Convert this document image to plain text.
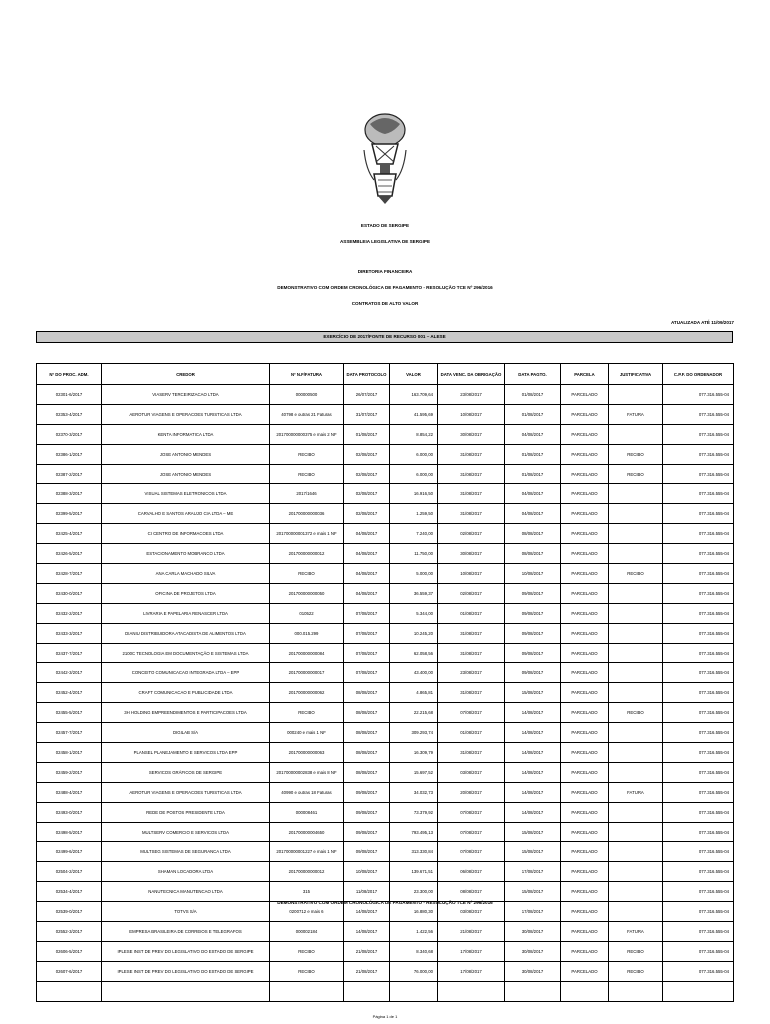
ESTADO DE SERGIPE
ASSEMBLEIA LEGISLATIVA DE SERGIPE
DIRETORIA FINANCEIRA
DEMONSTRATIVO COM ORDEM CRONOLÓGICA DE PAGAMENTO - RESOLUÇÃO TCE Nº 296/2016
CONTRATOS DE ALTO VALOR
ATUALIZADA ATÉ 11/09/2017
EXERCÍCIO DE 2017/FONTE DE RECURSO 001 – ALESE
Nº DO PROC. ADM.	CREDOR	Nº N.F/FATURA	DATA PROTOCOLO	VALOR	DATA VENC. DA OBRIGAÇÃO	DATA PAGTO.	PARCELA	JUSTIFICATIVA	C.P.F. DO ORDENADOR
02301-6/2017	VIASERV TERCEIRIZACAO LTDA	000000500	26/07/2017	163.709,64	23/08/2017	01/08/2017	PARCELADO		077.316.555-04
02353-4/2017	AEROTUR VIAGENS E OPERACOES TURISTICAS LTDA	40798 e outras 21 Faturas	31/07/2017	41.595,69	10/08/2017	01/08/2017	PARCELADO	FATURA	077.316.555-04
02370-3/2017	KENTA INFORMATICA LTDA	201700000000375 e mais 2 NF	01/08/2017	8.854,22	30/08/2017	04/08/2017	PARCELADO		077.316.555-04
02386-1/2017	JOSE ANTONIO MENDES	RECIBO	02/08/2017	6.000,00	31/08/2017	01/08/2017	PARCELADO	RECIBO	077.316.555-04
02387-2/2017	JOSE ANTONIO MENDES	RECIBO	02/08/2017	6.000,00	31/08/2017	01/08/2017	PARCELADO	RECIBO	077.316.555-04
02388-3/2017	VISUAL SISTEMAS ELETRONICOS LTDA	2017/1646	02/08/2017	16.916,50	31/08/2017	04/08/2017	PARCELADO		077.316.555-04
02399-5/2017	CARVALHO E SANTOS ARAUJO CIA LTDA – ME	201700000000036	02/08/2017	1.259,50	31/08/2017	04/08/2017	PARCELADO		077.316.555-04
02425-4/2017	CI CENTRO DE INFORMACOES LTDA	201700000001372 e mais 1 NF	04/08/2017	7.240,00	02/08/2017	08/08/2017	PARCELADO		077.316.555-04
02426-5/2017	ESTACIONAMENTO MOBRANCO LTDA	201700000000012	04/08/2017	11.750,00	30/08/2017	08/08/2017	PARCELADO		077.316.555-04
02428-7/2017	ANA CARLA MACHADO SILVA	RECIBO	04/08/2017	5.000,00	10/08/2017	10/08/2017	PARCELADO	RECIBO	077.316.555-04
02430-0/2017	OFICINA DE PROJETOS LTDA	201700000000050	04/08/2017	36.559,37	02/08/2017	09/08/2017	PARCELADO		077.316.555-04
02432-2/2017	LIVRARIA E PAPELARIA RENASCER LTDA	010522	07/08/2017	5.344,00	01/08/2017	09/08/2017	PARCELADO		077.316.555-04
02433-3/2017	DIANIU DISTRIBUIDORA ATACADISTA DE ALIMENTOS LTDA	000.015.299	07/08/2017	10.245,20	31/08/2017	09/08/2017	PARCELADO		077.316.555-04
02437-7/2017	2100C TECNOLOGIA EM DOCUMENTAÇÃO E SISTEMAS LTDA	201700000000084	07/08/2017	62.058,56	31/08/2017	09/08/2017	PARCELADO		077.316.555-04
02442-3/2017	CONCEITO COMUNICACAO INTEGRADA LTDA – EPP	201700000000017	07/08/2017	43.400,00	23/08/2017	09/08/2017	PARCELADO		077.316.555-04
02452-4/2017	CRAFT COMUNICACAO E PUBLICIDADE LTDA	201700000000062	08/08/2017	4.865,81	31/08/2017	15/08/2017	PARCELADO		077.316.555-04
02455-5/2017	3H HOLDING EMPREENDIMENTOS E PARTICIPACOES LTDA	RECIBO	08/08/2017	22.215,68	07/08/2017	14/08/2017	PARCELADO	RECIBO	077.316.555-04
02457-7/2017	DIGILAB S/A	000240 e mais 1 NF	08/08/2017	309.293,74	01/08/2017	14/08/2017	PARCELADO		077.316.555-04
02458-1/2017	PLANSEL PLANEJAMENTO E SERVICOS LTDA EPP	201700000000063	08/08/2017	16.309,79	31/08/2017	14/08/2017	PARCELADO		077.316.555-04
02459-2/2017	SERVICOS GRÁFICOS DE SERGIPE	201700000002838 e mais 8 NF	08/08/2017	15.697,52	03/08/2017	14/08/2017	PARCELADO		077.316.555-04
02488-4/2017	AEROTUR VIAGENS E OPERACOES TURISTICAS LTDA	40990 e outras 18 Faturas	09/08/2017	34.032,73	20/08/2017	14/08/2017	PARCELADO	FATURA	077.316.555-04
02493-0/2017	REDE DE POSTOS PRESIDENTE LTDA	000008461	09/08/2017	73.379,92	07/08/2017	14/08/2017	PARCELADO		077.316.555-04
02498-5/2017	MULTSERV COMERCIO E SERVICOS LTDA	201700000004650	09/08/2017	793.495,13	07/08/2017	15/08/2017	PARCELADO		077.316.555-04
02499-6/2017	MULTSEG SISTEMAS DE SEGURANCA LTDA	201700000001227 e mais 1 NF	09/08/2017	313.330,84	07/08/2017	15/08/2017	PARCELADO		077.316.555-04
02504-2/2017	SHAMAN LOCADORA LTDA	201700000000012	10/08/2017	139.671,51	06/08/2017	17/08/2017	PARCELADO		077.316.555-04
02534-4/2017	NANUTECNICA MANUTENCAO LTDA	315	11/08/2017	23.300,00	08/08/2017	15/08/2017	PARCELADO		077.316.555-04
02539-0/2017	TOTVS S/A	0200712 e mais 6	14/08/2017	16.880,30	03/08/2017	17/08/2017	PARCELADO		077.316.555-04
02552-3/2017	EMPRESA BRASILEIRA DE CORREIOS E TELEGRAFOS	000002184	14/08/2017	1.422,56	21/08/2017	30/08/2017	PARCELADO	FATURA	077.316.555-04
02606-5/2017	IPLESE INST DE PREV DO LEGISLATIVO DO ESTADO DE SERGIPE	RECIBO	21/08/2017	8.340,68	17/08/2017	30/08/2017	PARCELADO	RECIBO	077.316.555-04
02607-6/2017	IPLESE INST DE PREV DO LEGISLATIVO DO ESTADO DE SERGIPE	RECIBO	21/08/2017	76.000,00	17/08/2017	30/08/2017	PARCELADO	RECIBO	077.316.555-04

DEMONSTRATIVO COM ORDEM CRONOLÓGICA DE PAGAMENTO - RESOLUÇÃO TCE Nº 296/2016
Página 1 de 1
